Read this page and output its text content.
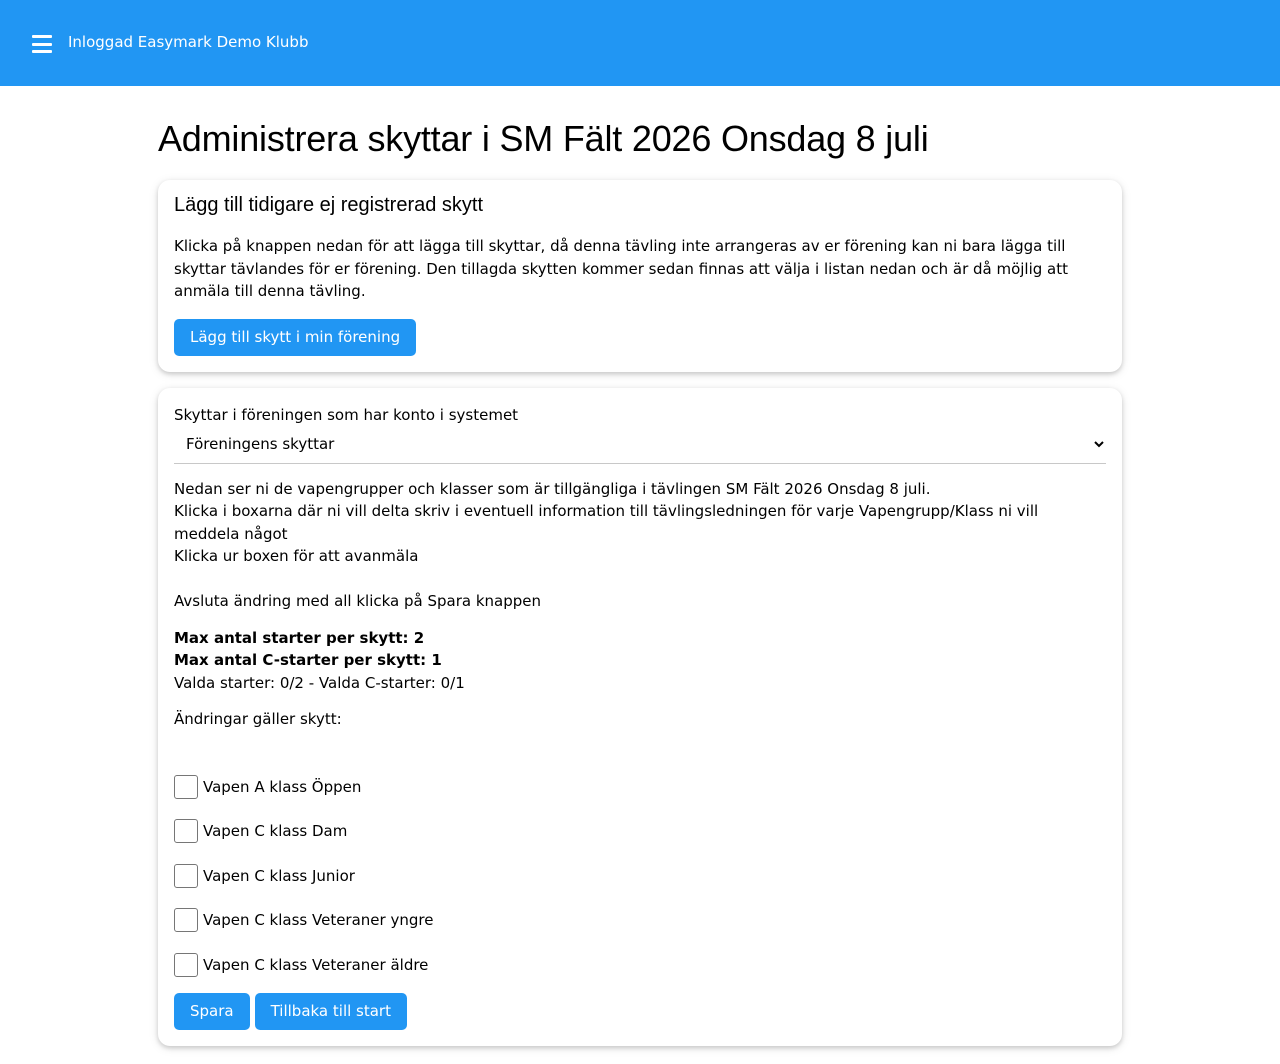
Inloggad Easymark Demo Klubb
Administrera skyttar i SM Fält 2026 Onsdag 8 juli
Lägg till tidigare ej registrerad skytt

Klicka på knappen nedan för att lägga till skyttar, då denna tävling inte arrangeras av er förening kan ni bara lägga till skyttar tävlandes för er förening. Den tillagda skytten kommer sedan finnas att välja i listan nedan och är då möjlig att anmäla till denna tävling.

Lägg till skytt i min förening
Skyttar i föreningen som har konto i systemet
Föreningens skyttar
Nedan ser ni de vapengrupper och klasser som är tillgängliga i tävlingen SM Fält 2026 Onsdag 8 juli.
Klicka i boxarna där ni vill delta skriv i eventuell information till tävlingsledningen för varje Vapengrupp/Klass ni vill meddela något
Klicka ur boxen för att avanmäla
Avsluta ändring med all klicka på Spara knappen
Max antal starter per skytt: 2
Max antal C-starter per skytt: 1
Valda starter: 0/2 - Valda C-starter: 0/1
Ändringar gäller skytt:
Vapen A klass Öppen
Vapen C klass Dam
Vapen C klass Junior
Vapen C klass Veteraner yngre
Vapen C klass Veteraner äldre
Spara	Tillbaka till start
